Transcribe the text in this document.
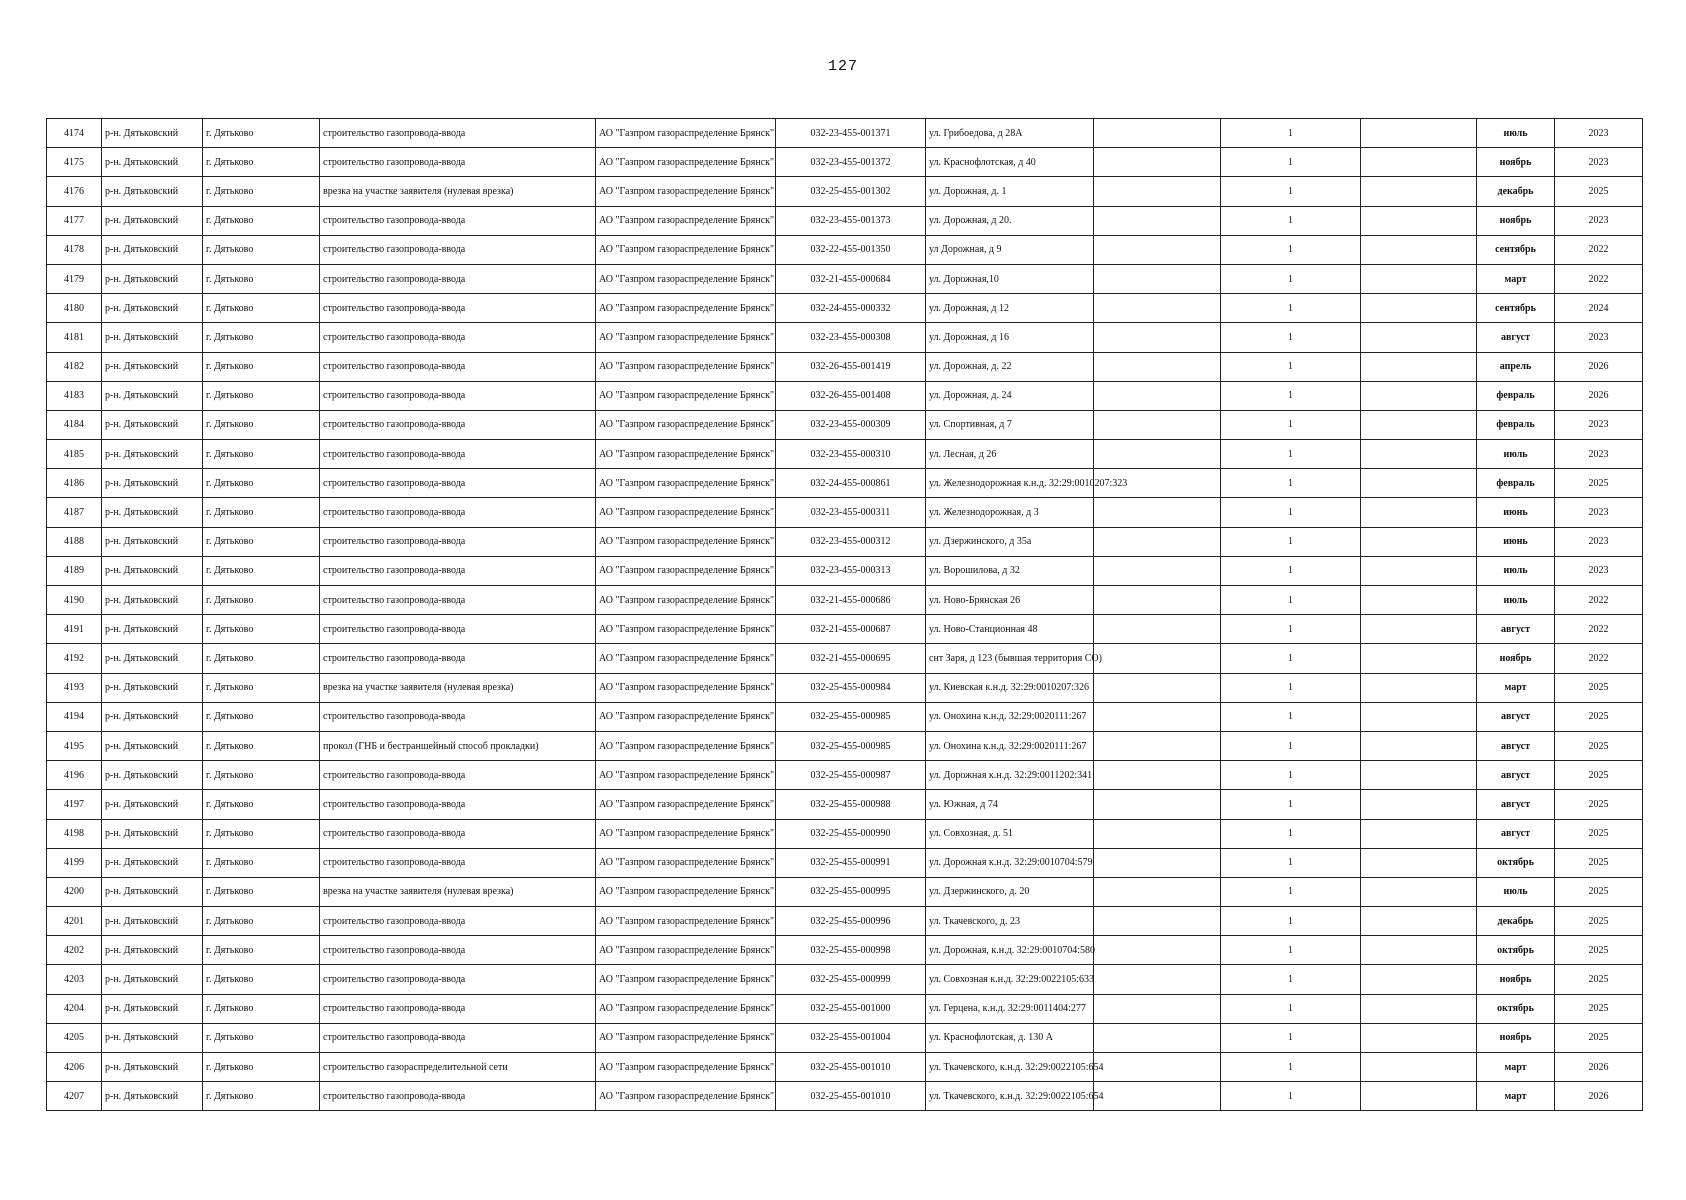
127
4174	р-н. Дятьковский	г. Дятьково	строительство газопровода-ввода	АО "Газпром газораспределение Брянск"	032-23-455-001371	ул. Грибоедова, д 28А		1		июль	2023
4175	р-н. Дятьковский	г. Дятьково	строительство газопровода-ввода	АО "Газпром газораспределение Брянск"	032-23-455-001372	ул. Краснофлотская, д 40		1		ноябрь	2023
4176	р-н. Дятьковский	г. Дятьково	врезка на участке заявителя (нулевая врезка)	АО "Газпром газораспределение Брянск"	032-25-455-001302	ул. Дорожная, д. 1		1		декабрь	2025
4177	р-н. Дятьковский	г. Дятьково	строительство газопровода-ввода	АО "Газпром газораспределение Брянск"	032-23-455-001373	ул. Дорожная, д 20.		1		ноябрь	2023
4178	р-н. Дятьковский	г. Дятьково	строительство газопровода-ввода	АО "Газпром газораспределение Брянск"	032-22-455-001350	ул Дорожная, д 9		1		сентябрь	2022
4179	р-н. Дятьковский	г. Дятьково	строительство газопровода-ввода	АО "Газпром газораспределение Брянск"	032-21-455-000684	ул. Дорожная,10		1		март	2022
4180	р-н. Дятьковский	г. Дятьково	строительство газопровода-ввода	АО "Газпром газораспределение Брянск"	032-24-455-000332	ул. Дорожная, д 12		1		сентябрь	2024
4181	р-н. Дятьковский	г. Дятьково	строительство газопровода-ввода	АО "Газпром газораспределение Брянск"	032-23-455-000308	ул. Дорожная, д 16		1		август	2023
4182	р-н. Дятьковский	г. Дятьково	строительство газопровода-ввода	АО "Газпром газораспределение Брянск"	032-26-455-001419	ул. Дорожная, д. 22		1		апрель	2026
4183	р-н. Дятьковский	г. Дятьково	строительство газопровода-ввода	АО "Газпром газораспределение Брянск"	032-26-455-001408	ул. Дорожная, д. 24		1		февраль	2026
4184	р-н. Дятьковский	г. Дятьково	строительство газопровода-ввода	АО "Газпром газораспределение Брянск"	032-23-455-000309	ул. Спортивная, д 7		1		февраль	2023
4185	р-н. Дятьковский	г. Дятьково	строительство газопровода-ввода	АО "Газпром газораспределение Брянск"	032-23-455-000310	ул. Лесная, д 26		1		июль	2023
4186	р-н. Дятьковский	г. Дятьково	строительство газопровода-ввода	АО "Газпром газораспределение Брянск"	032-24-455-000861	ул. Железнодорожная к.н.д. 32:29:0010207:323		1		февраль	2025
4187	р-н. Дятьковский	г. Дятьково	строительство газопровода-ввода	АО "Газпром газораспределение Брянск"	032-23-455-000311	ул. Железнодорожная, д 3		1		июнь	2023
4188	р-н. Дятьковский	г. Дятьково	строительство газопровода-ввода	АО "Газпром газораспределение Брянск"	032-23-455-000312	ул. Дзержинского, д 35а		1		июнь	2023
4189	р-н. Дятьковский	г. Дятьково	строительство газопровода-ввода	АО "Газпром газораспределение Брянск"	032-23-455-000313	ул. Ворошилова, д 32		1		июль	2023
4190	р-н. Дятьковский	г. Дятьково	строительство газопровода-ввода	АО "Газпром газораспределение Брянск"	032-21-455-000686	ул. Ново-Брянская 26		1		июль	2022
4191	р-н. Дятьковский	г. Дятьково	строительство газопровода-ввода	АО "Газпром газораспределение Брянск"	032-21-455-000687	ул. Ново-Станционная 48		1		август	2022
4192	р-н. Дятьковский	г. Дятьково	строительство газопровода-ввода	АО "Газпром газораспределение Брянск"	032-21-455-000695	снт Заря, д 123 (бывшая территория СО)		1		ноябрь	2022
4193	р-н. Дятьковский	г. Дятьково	врезка на участке заявителя (нулевая врезка)	АО "Газпром газораспределение Брянск"	032-25-455-000984	ул. Киевская к.н.д. 32:29:0010207:326		1		март	2025
4194	р-н. Дятьковский	г. Дятьково	строительство газопровода-ввода	АО "Газпром газораспределение Брянск"	032-25-455-000985	ул. Онохина к.н.д. 32:29:0020111:267		1		август	2025
4195	р-н. Дятьковский	г. Дятьково	прокол (ГНБ и бестраншейный способ прокладки)	АО "Газпром газораспределение Брянск"	032-25-455-000985	ул. Онохина к.н.д. 32:29:0020111:267		1		август	2025
4196	р-н. Дятьковский	г. Дятьково	строительство газопровода-ввода	АО "Газпром газораспределение Брянск"	032-25-455-000987	ул. Дорожная к.н.д. 32:29:0011202:341		1		август	2025
4197	р-н. Дятьковский	г. Дятьково	строительство газопровода-ввода	АО "Газпром газораспределение Брянск"	032-25-455-000988	ул. Южная, д 74		1		август	2025
4198	р-н. Дятьковский	г. Дятьково	строительство газопровода-ввода	АО "Газпром газораспределение Брянск"	032-25-455-000990	ул. Совхозная, д. 51		1		август	2025
4199	р-н. Дятьковский	г. Дятьково	строительство газопровода-ввода	АО "Газпром газораспределение Брянск"	032-25-455-000991	ул. Дорожная к.н.д. 32:29:0010704:579		1		октябрь	2025
4200	р-н. Дятьковский	г. Дятьково	врезка на участке заявителя (нулевая врезка)	АО "Газпром газораспределение Брянск"	032-25-455-000995	ул. Дзержинского, д. 20		1		июль	2025
4201	р-н. Дятьковский	г. Дятьково	строительство газопровода-ввода	АО "Газпром газораспределение Брянск"	032-25-455-000996	ул. Ткачевского, д. 23		1		декабрь	2025
4202	р-н. Дятьковский	г. Дятьково	строительство газопровода-ввода	АО "Газпром газораспределение Брянск"	032-25-455-000998	ул. Дорожная, к.н.д. 32:29:0010704:580		1		октябрь	2025
4203	р-н. Дятьковский	г. Дятьково	строительство газопровода-ввода	АО "Газпром газораспределение Брянск"	032-25-455-000999	ул. Совхозная к.н.д. 32:29:0022105:633		1		ноябрь	2025
4204	р-н. Дятьковский	г. Дятьково	строительство газопровода-ввода	АО "Газпром газораспределение Брянск"	032-25-455-001000	ул. Герцена, к.н.д. 32:29:0011404:277		1		октябрь	2025
4205	р-н. Дятьковский	г. Дятьково	строительство газопровода-ввода	АО "Газпром газораспределение Брянск"	032-25-455-001004	ул. Краснофлотская, д. 130 А		1		ноябрь	2025
4206	р-н. Дятьковский	г. Дятьково	строительство газораспределительной сети	АО "Газпром газораспределение Брянск"	032-25-455-001010	ул. Ткачевского, к.н.д. 32:29:0022105:654		1		март	2026
4207	р-н. Дятьковский	г. Дятьково	строительство газопровода-ввода	АО "Газпром газораспределение Брянск"	032-25-455-001010	ул. Ткачевского, к.н.д. 32:29:0022105:654		1		март	2026
